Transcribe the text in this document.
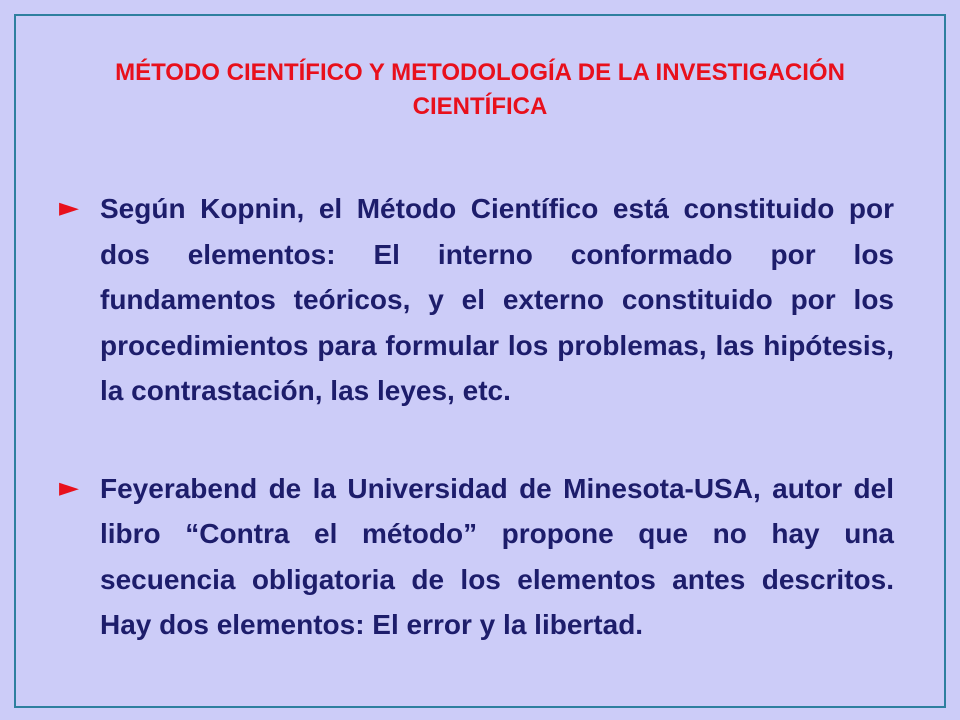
MÉTODO CIENTÍFICO Y METODOLOGÍA DE LA INVESTIGACIÓN CIENTÍFICA
► Según Kopnin, el Método Científico está constituido por dos elementos: El interno conformado por los fundamentos teóricos, y el externo constituido por los procedimientos para formular los problemas, las hipótesis, la contrastación, las leyes, etc.
► Feyerabend de la Universidad de Minesota-USA, autor del libro “Contra el método” propone que no hay una secuencia obligatoria de los elementos antes descritos. Hay dos elementos: El error y la libertad.
